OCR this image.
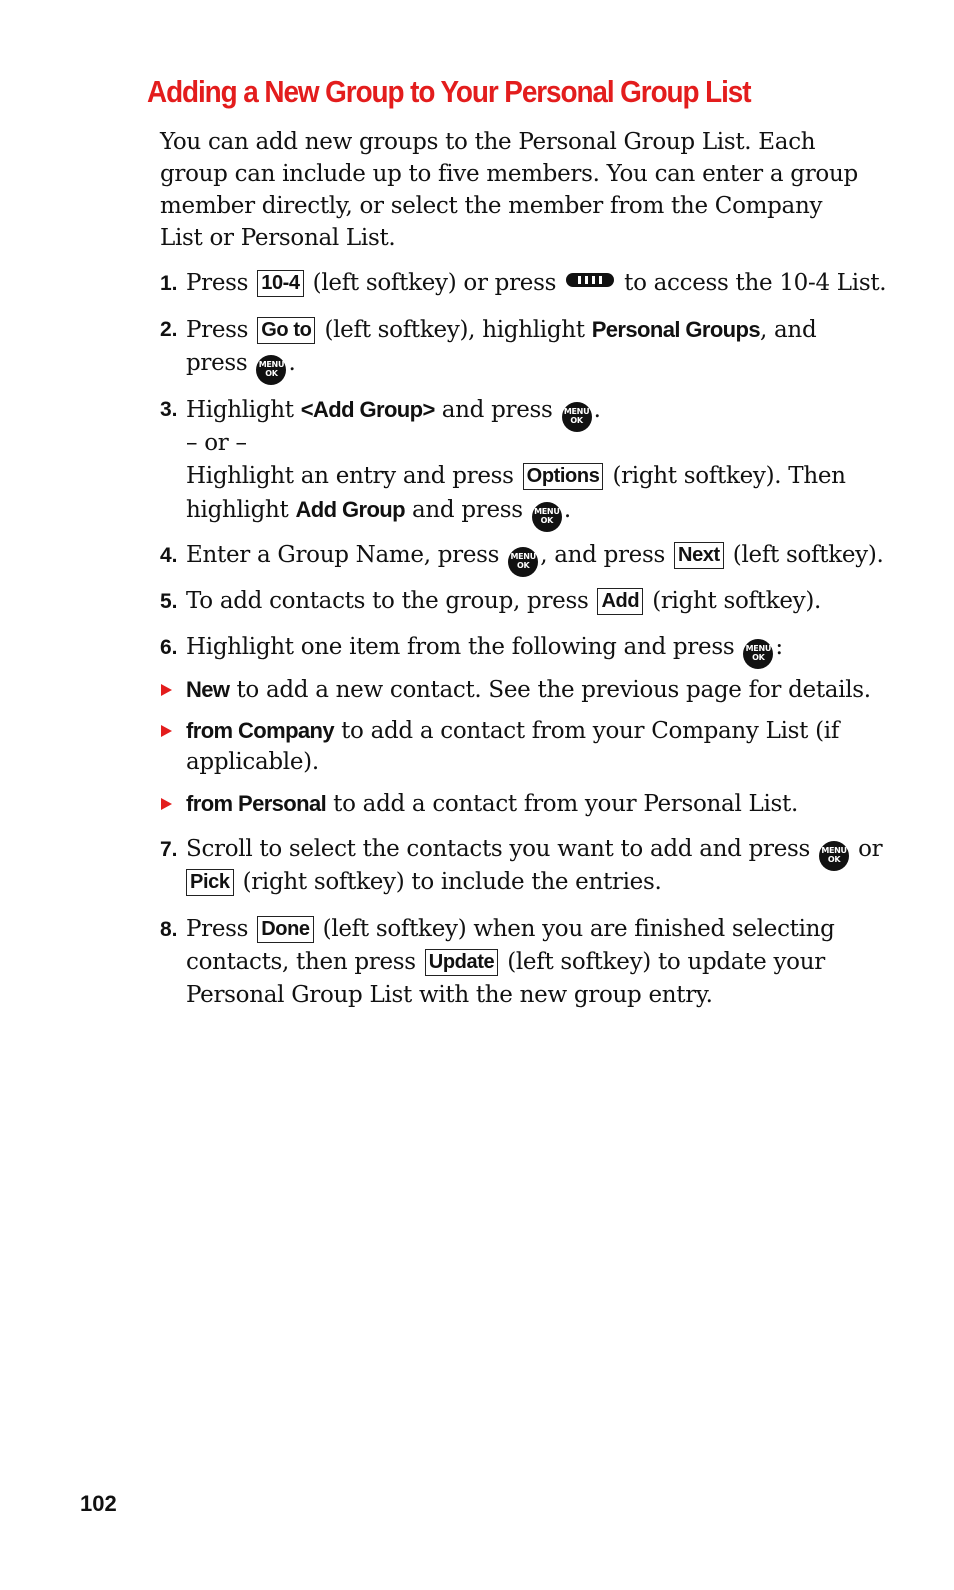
Adding a New Group to Your Personal Group List

You can add new groups to the Personal Group List. Each group can include up to five members. You can enter a group member directly, or select the member from the Company List or Personal List.

1. Press 10-4 (left softkey) or press	to access the 10-4 List.
2. Press Go to (left softkey), highlight Personal Groups, and
press MENU
OK .
3. Highlight <Add Group> and press MENU
OK .
– or –
Highlight an entry and press Options (right softkey). Then
highlight Add Group and press MENU
OK .
4. Enter a Group Name, press MENU
OK , and press Next (left softkey).
5. To add contacts to the group, press Add (right softkey).
6. Highlight one item from the following and press MENU
OK :
New to add a new contact. See the previous page for details.
from Company to add a contact from your Company List (if
applicable).
from Personal to add a contact from your Personal List.
7. Scroll to select the contacts you want to add and press MENU
OK or
Pick (right softkey) to include the entries.
8. Press Done (left softkey) when you are finished selecting
contacts, then press Update (left softkey) to update your
Personal Group List with the new group entry.
102
